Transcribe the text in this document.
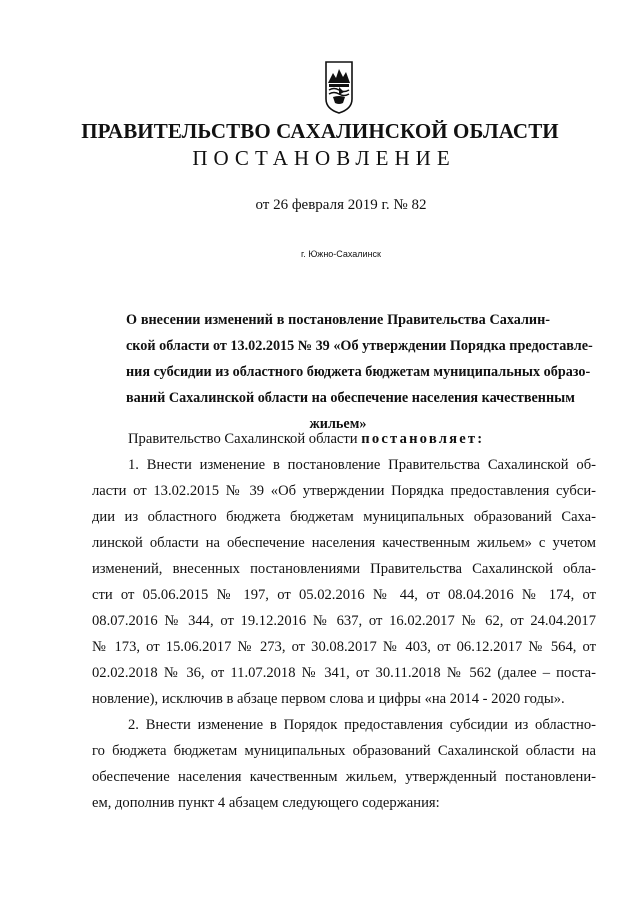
ПРАВИТЕЛЬСТВО САХАЛИНСКОЙ ОБЛАСТИ
ПОСТАНОВЛЕНИЕ
от 26 февраля 2019 г. № 82
г. Южно-Сахалинск
О внесении изменений в постановление Правительства Сахалин-
ской области от 13.02.2015 № 39 «Об утверждении Порядка предоставле-
ния субсидии из областного бюджета бюджетам муниципальных образо-
ваний Сахалинской области на обеспечение населения качественным
жильем»
Правительство Сахалинской области постановляет:
1. Внести изменение в постановление Правительства Сахалинской об-
ласти от 13.02.2015 № 39 «Об утверждении Порядка предоставления субси-
дии из областного бюджета бюджетам муниципальных образований Саха-
линской области на обеспечение населения качественным жильем» с учетом
изменений, внесенных постановлениями Правительства Сахалинской обла-
сти от 05.06.2015 № 197, от 05.02.2016 № 44, от 08.04.2016 № 174, от
08.07.2016 № 344, от 19.12.2016 № 637, от 16.02.2017 № 62, от 24.04.2017
№ 173, от 15.06.2017 № 273, от 30.08.2017 № 403, от 06.12.2017 № 564, от
02.02.2018 № 36, от 11.07.2018 № 341, от 30.11.2018 № 562 (далее – поста-
новление), исключив в абзаце первом слова и цифры «на 2014 - 2020 годы».
2. Внести изменение в Порядок предоставления субсидии из областно-
го бюджета бюджетам муниципальных образований Сахалинской области на
обеспечение населения качественным жильем, утвержденный постановлени-
ем, дополнив пункт 4 абзацем следующего содержания:
